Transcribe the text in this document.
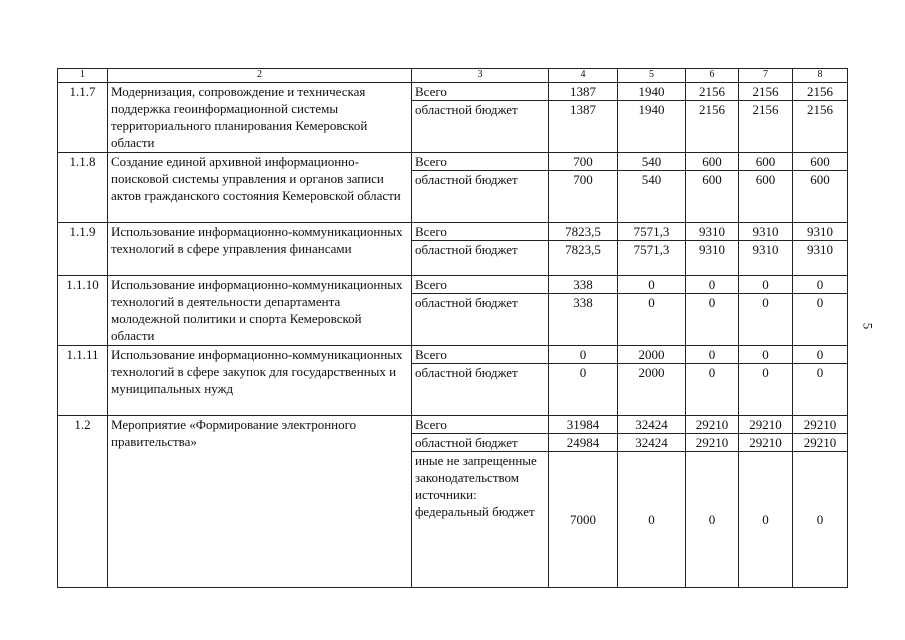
1	2	3	4	5	6	7	8
1.1.7	Модернизация, сопровождение и техническая поддержка геоинформационной системы территориального планирования Кемеровской области	Всего	1387	1940	2156	2156	2156
		областной бюджет	1387	1940	2156	2156	2156
1.1.8	Создание единой архивной информационно-поисковой системы управления и органов записи актов гражданского состояния Кемеровской области	Всего	700	540	600	600	600
		областной бюджет	700	540	600	600	600
1.1.9	Использование информационно-коммуникационных технологий в сфере управления финансами	Всего	7823,5	7571,3	9310	9310	9310
		областной бюджет	7823,5	7571,3	9310	9310	9310
1.1.10	Использование информационно-коммуникационных технологий в деятельности департамента молодежной политики и спорта Кемеровской области	Всего	338	0	0	0	0
		областной бюджет	338	0	0	0	0
1.1.11	Использование информационно-коммуникационных технологий в сфере закупок для государственных и муниципальных нужд	Всего	0	2000	0	0	0
		областной бюджет	0	2000	0	0	0
1.2	Мероприятие «Формирование электронного правительства»	Всего	31984	32424	29210	29210	29210
		областной бюджет	24984	32424	29210	29210	29210
		иные не запрещенные законодательством источники: федеральный бюджет	7000	0	0	0	0
5
